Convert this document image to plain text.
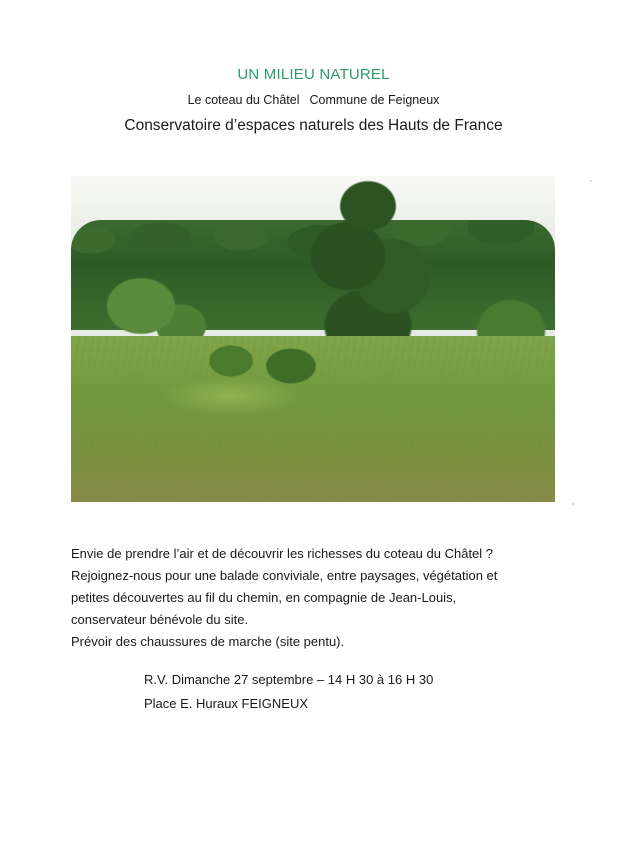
UN MILIEU NATUREL
Le coteau du Châtel Commune de Feigneux
Conservatoire d’espaces naturels des Hauts de France

Envie de prendre l’air et de découvrir les richesses du coteau du Châtel ?

Rejoignez-nous pour une balade conviviale, entre paysages, végétation et

petites découvertes au fil du chemin, en compagnie de Jean-Louis,

conservateur bénévole du site.

Prévoir des chaussures de marche (site pentu).

R.V. Dimanche 27 septembre – 14 H 30 à 16 H 30

Place E. Huraux FEIGNEUX
